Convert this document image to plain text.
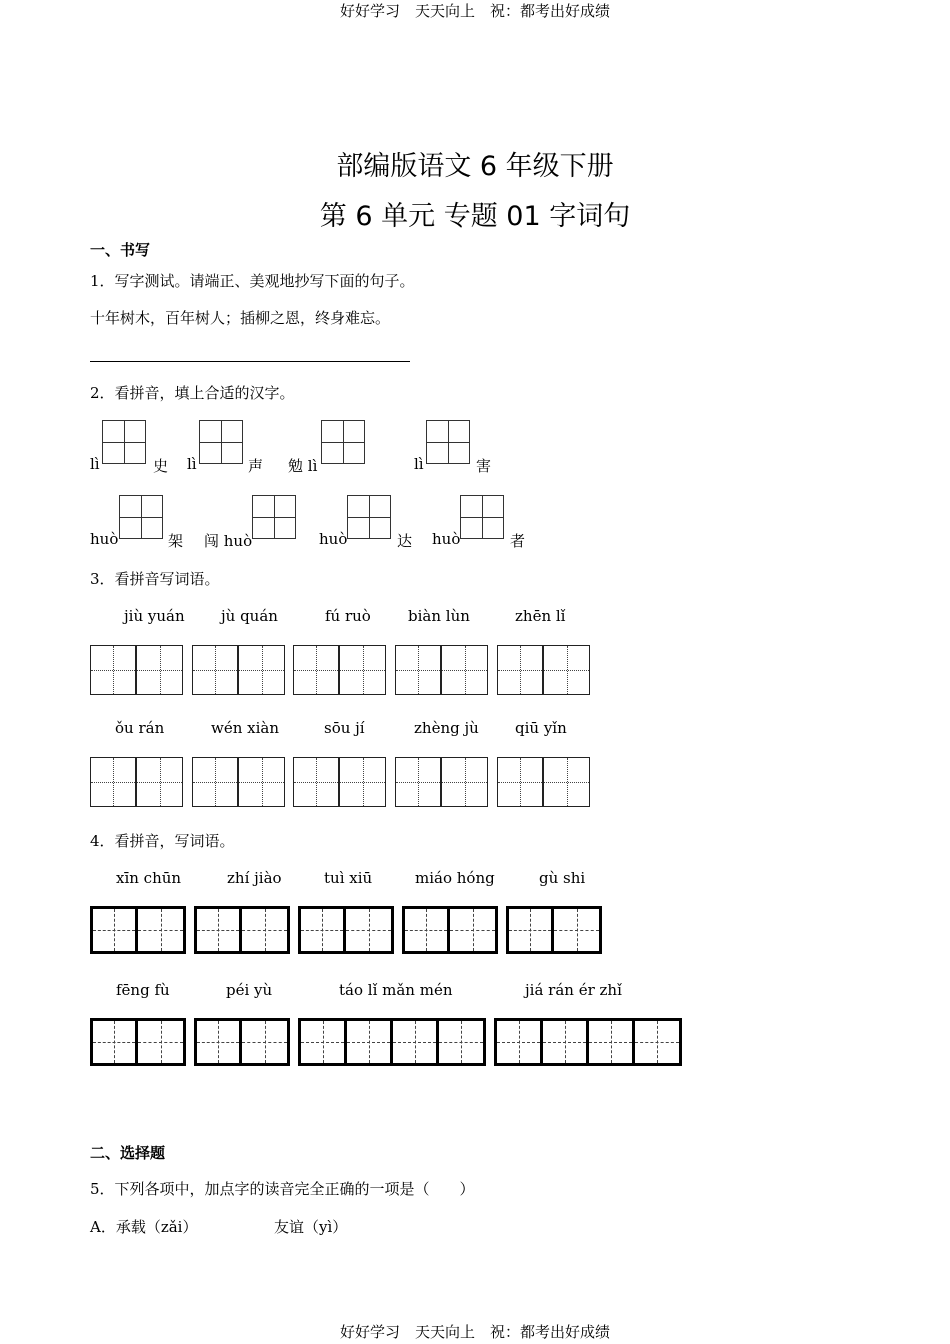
好好学习　天天向上　祝：都考出好成绩
部编版语文 6 年级下册
第 6 单元 专题 01 字词句
一、书写
1．写字测试。请端正、美观地抄写下面的句子。
十年树木，百年树人；插柳之恩，终身难忘。
2．看拼音，填上合适的汉字。
lì	史 lì	声 勉 lì	lì	害
huò	架 闯 huò	huò	达 huò	者
3．看拼音写词语。
jiù yuán jù quán	fú ruò biàn lùn	zhēn lǐ
ǒu rán	wén xiàn	sōu jí	zhèng jù qiū yǐn
4．看拼音，写词语。
xīn chūn	zhí jiào	tuì xiū	miáo hóng	gù shi
fēng fù	péi yù	táo lǐ mǎn mén	jiá rán ér zhǐ
二、选择题
5．下列各项中，加点字的读音完全正确的一项是（　　）
A．承载（zǎi）	友谊（yì）
好好学习　天天向上　祝：都考出好成绩
